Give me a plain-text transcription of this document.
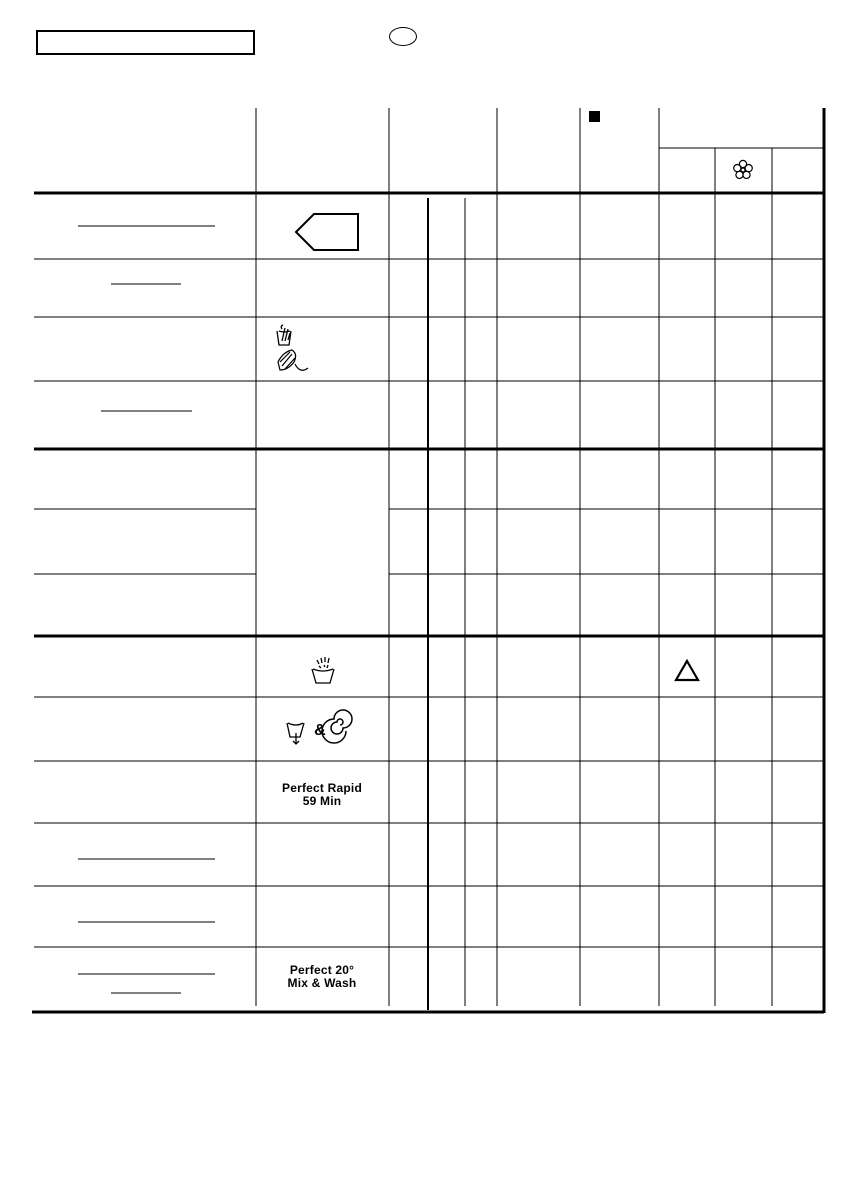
&
Perfect Rapid
59 Min
Perfect 20°
Mix & Wash
